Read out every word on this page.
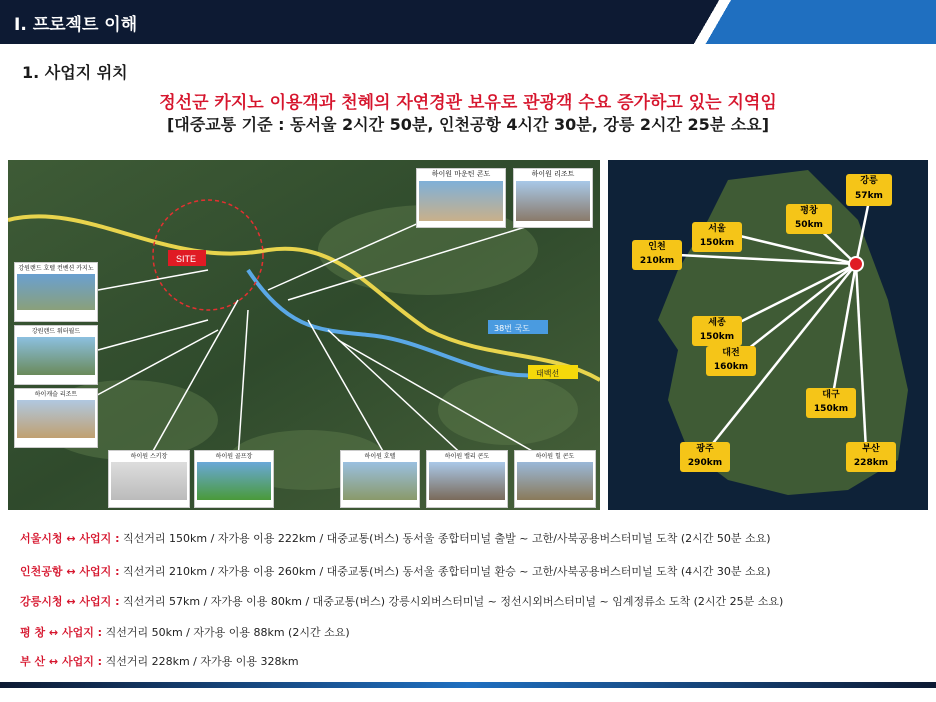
Ⅰ. 프로젝트 이해
1. 사업지 위치
정선군 카지노 이용객과 천혜의 자연경관 보유로 관광객 수요 증가하고 있는 지역임
[대중교통 기준 : 동서울 2시간 50분, 인천공항 4시간 30분, 강릉 2시간 25분 소요]
SITE
38번 국도
태백선
하이원 마운틴 콘도	하이원 리조트
강원랜드 호텔 컨벤션 카지노
강원랜드 워터월드
하이캐슬 리조트
하이원 스키장	하이원 골프장	하이원 호텔	하이원 밸리 콘도	하이원 힐 콘도
강릉
57km
평창
50km
서울
150km
인천
210km
세종
150km
대전
160km
대구
150km
광주
290km
부산
228km
서울시청 ↔ 사업지 : 직선거리 150km / 자가용 이용 222km / 대중교통(버스) 동서울 종합터미널 출발 ~ 고한/사북공용버스터미널 도착 (2시간 50분 소요)
인천공항 ↔ 사업지 : 직선거리 210km / 자가용 이용 260km / 대중교통(버스) 동서울 종합터미널 환승 ~ 고한/사북공용버스터미널 도착 (4시간 30분 소요)
강릉시청 ↔ 사업지 : 직선거리 57km / 자가용 이용 80km / 대중교통(버스) 강릉시외버스터미널 ~ 정선시외버스터미널 ~ 임계정류소 도착 (2시간 25분 소요)
평 창 ↔ 사업지 : 직선거리 50km / 자가용 이용 88km (2시간 소요)
부 산 ↔ 사업지 : 직선거리 228km / 자가용 이용 328km
